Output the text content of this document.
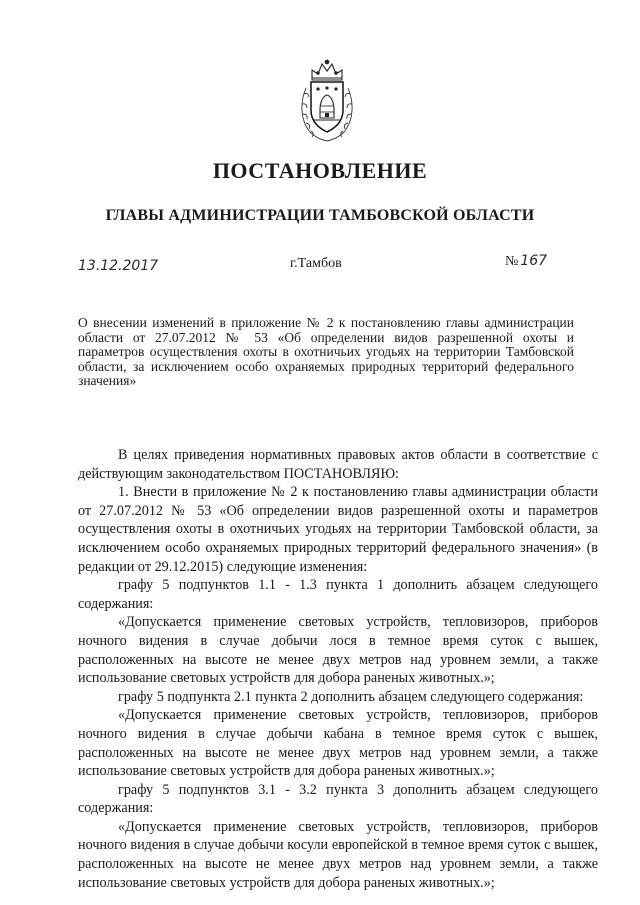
ПОСТАНОВЛЕНИЕ
ГЛАВЫ АДМИНИСТРАЦИИ ТАМБОВСКОЙ ОБЛАСТИ
13.12.2017	г.Тамбов	№ 167
О внесении изменений в приложение № 2 к постановлению главы администрации области от 27.07.2012 № 53 «Об определении видов разрешенной охоты и параметров осуществления охоты в охотничьих угодьях на территории Тамбовской области, за исключением особо охраняемых природных территорий федерального значения»

В целях приведения нормативных правовых актов области в соответствие с действующим законодательством ПОСТАНОВЛЯЮ:

1. Внести в приложение № 2 к постановлению главы администрации области от 27.07.2012 № 53 «Об определении видов разрешенной охоты и параметров осуществления охоты в охотничьих угодьях на территории Тамбовской области, за исключением особо охраняемых природных территорий федерального значения» (в редакции от 29.12.2015) следующие изменения:

графу 5 подпунктов 1.1 - 1.3 пункта 1 дополнить абзацем следующего содержания:

«Допускается применение световых устройств, тепловизоров, приборов ночного видения в случае добычи лося в темное время суток с вышек, расположенных на высоте не менее двух метров над уровнем земли, а также использование световых устройств для добора раненых животных.»;

графу 5 подпункта 2.1 пункта 2 дополнить абзацем следующего содержания:

«Допускается применение световых устройств, тепловизоров, приборов ночного видения в случае добычи кабана в темное время суток с вышек, расположенных на высоте не менее двух метров над уровнем земли, а также использование световых устройств для добора раненых животных.»;

графу 5 подпунктов 3.1 - 3.2 пункта 3 дополнить абзацем следующего содержания:

«Допускается применение световых устройств, тепловизоров, приборов ночного видения в случае добычи косули европейской в темное время суток с вышек, расположенных на высоте не менее двух метров над уровнем земли, а также использование световых устройств для добора раненых животных.»;
